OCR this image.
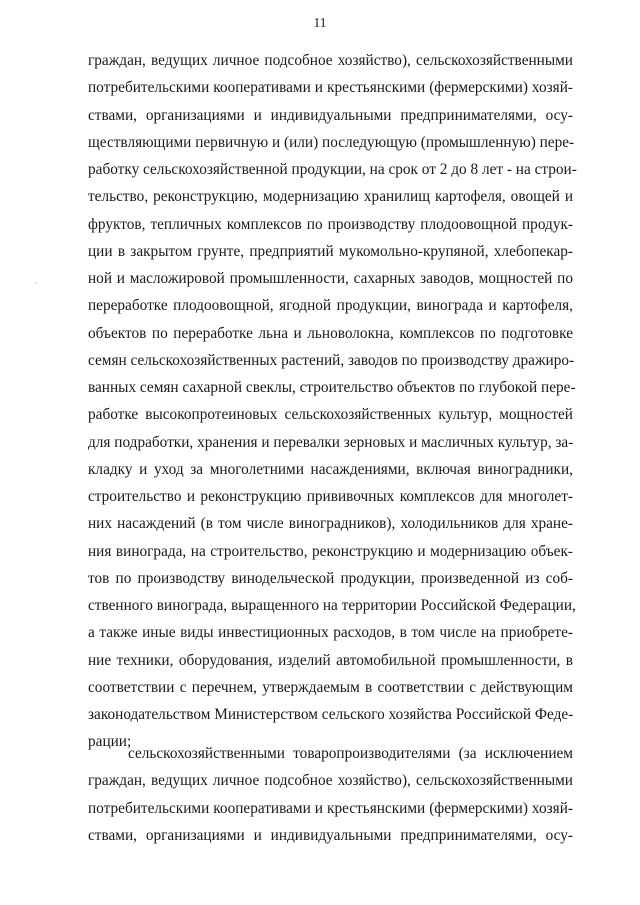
11
граждан, ведущих личное подсобное хозяйство), сельскохозяйственными
потребительскими кооперативами и крестьянскими (фермерскими) хозяй-
ствами, организациями и индивидуальными предпринимателями, осу-
ществляющими первичную и (или) последующую (промышленную) пере-
работку сельскохозяйственной продукции, на срок от 2 до 8 лет - на строи-
тельство, реконструкцию, модернизацию хранилищ картофеля, овощей и
фруктов, тепличных комплексов по производству плодоовощной продук-
ции в закрытом грунте, предприятий мукомольно-крупяной, хлебопекар-
ной и масложировой промышленности, сахарных заводов, мощностей по
переработке плодоовощной, ягодной продукции, винограда и картофеля,
объектов по переработке льна и льноволокна, комплексов по подготовке
семян сельскохозяйственных растений, заводов по производству дражиро-
ванных семян сахарной свеклы, строительство объектов по глубокой пере-
работке высокопротеиновых сельскохозяйственных культур, мощностей
для подработки, хранения и перевалки зерновых и масличных культур, за-
кладку и уход за многолетними насаждениями, включая виноградники,
строительство и реконструкцию прививочных комплексов для многолет-
них насаждений (в том числе виноградников), холодильников для хране-
ния винограда, на строительство, реконструкцию и модернизацию объек-
тов по производству винодельческой продукции, произведенной из соб-
ственного винограда, выращенного на территории Российской Федерации,
а также иные виды инвестиционных расходов, в том числе на приобрете-
ние техники, оборудования, изделий автомобильной промышленности, в
соответствии с перечнем, утверждаемым в соответствии с действующим
законодательством Министерством сельского хозяйства Российской Феде-
рации;
сельскохозяйственными товаропроизводителями (за исключением
граждан, ведущих личное подсобное хозяйство), сельскохозяйственными
потребительскими кооперативами и крестьянскими (фермерскими) хозяй-
ствами, организациями и индивидуальными предпринимателями, осу-
